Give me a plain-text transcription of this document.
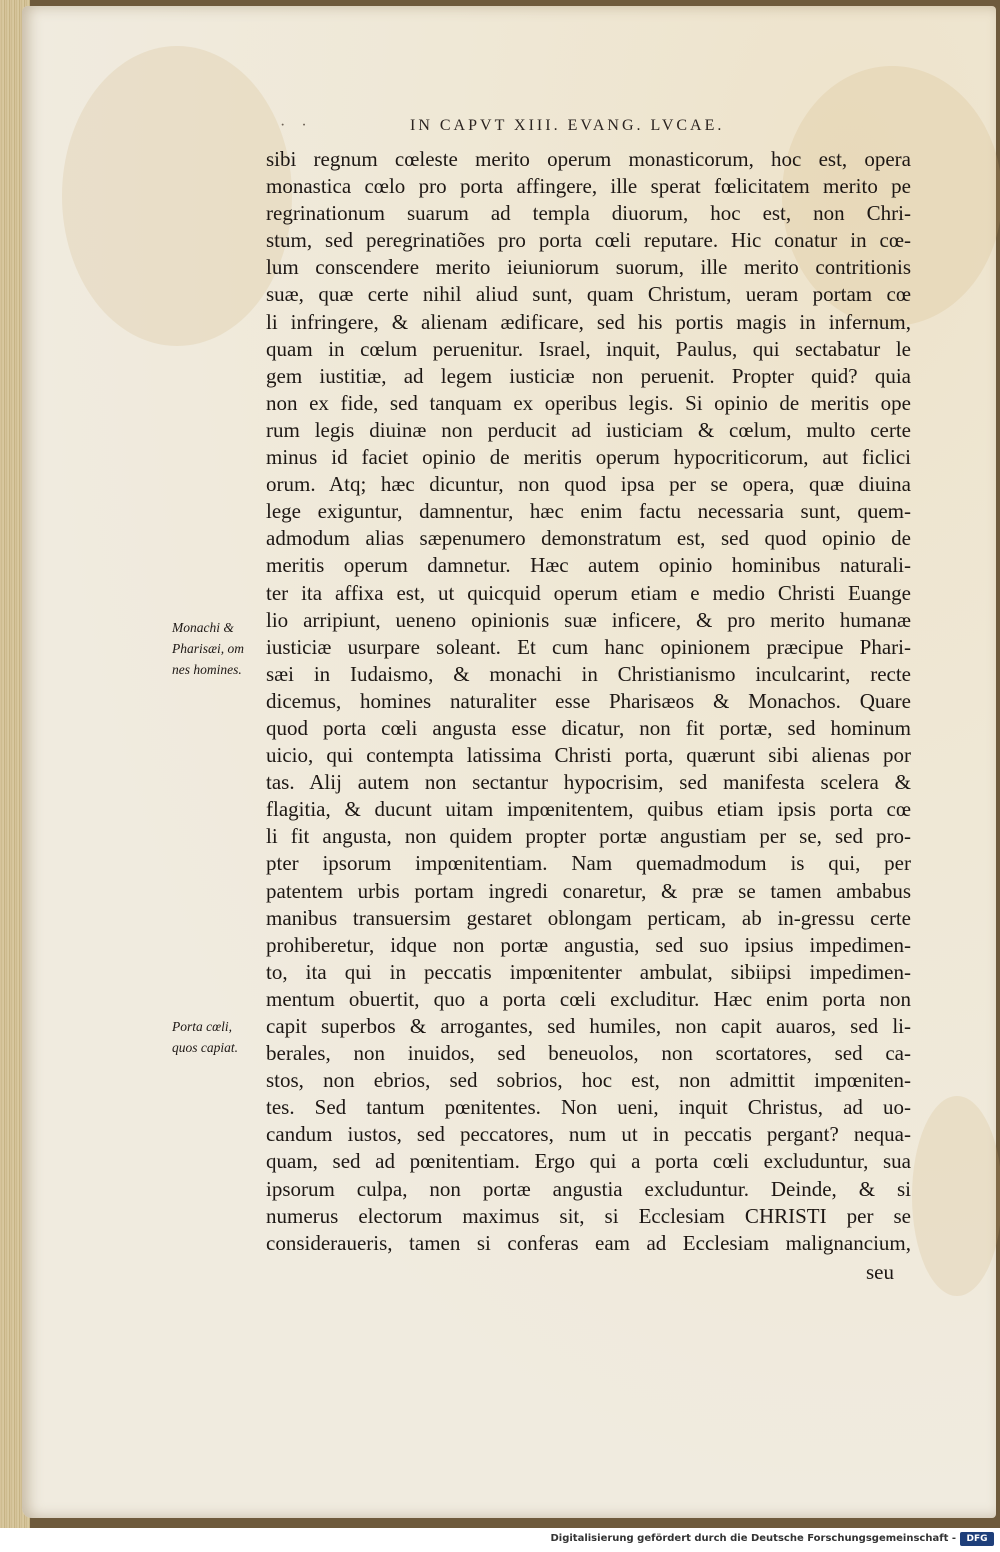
· ·	IN CAPVT XIII. EVANG. LVCAE.
sibi regnum cœleste merito operum monasticorum, hoc est, opera
monastica cœlo pro porta affingere, ille sperat fœlicitatem merito pe
regrinationum suarum ad templa diuorum, hoc est, non Chri-
stum, sed peregrinatiões pro porta cœli reputare. Hic conatur in cœ-
lum conscendere merito ieiuniorum suorum, ille merito contritionis
suæ, quæ certe nihil aliud sunt, quam Christum, ueram portam cœ
li infringere, & alienam ædificare, sed his portis magis in infernum,
quam in cœlum peruenitur. Israel, inquit, Paulus, qui sectabatur le
gem iustitiæ, ad legem iusticiæ non peruenit. Propter quid? quia
non ex fide, sed tanquam ex operibus legis. Si opinio de meritis ope
rum legis diuinæ non perducit ad iusticiam & cœlum, multo certe
minus id faciet opinio de meritis operum hypocriticorum, aut ficlici
orum. Atq; hæc dicuntur, non quod ipsa per se opera, quæ diuina
lege exiguntur, damnentur, hæc enim factu necessaria sunt, quem-
admodum alias sæpenumero demonstratum est, sed quod opinio de
meritis operum damnetur. Hæc autem opinio hominibus naturali-
ter ita affixa est, ut quicquid operum etiam e medio Christi Euange
lio arripiunt, ueneno opinionis suæ inficere, & pro merito humanæ
iusticiæ usurpare soleant. Et cum hanc opinionem præcipue Phari-
sæi in Iudaismo, & monachi in Christianismo inculcarint, recte
dicemus, homines naturaliter esse Pharisæos & Monachos. Quare
quod porta cœli angusta esse dicatur, non fit portæ, sed hominum
uicio, qui contempta latissima Christi porta, quærunt sibi alienas por
tas. Alij autem non sectantur hypocrisim, sed manifesta scelera &
flagitia, & ducunt uitam impœnitentem, quibus etiam ipsis porta cœ
li fit angusta, non quidem propter portæ angustiam per se, sed pro-
pter ipsorum impœnitentiam. Nam quemadmodum is qui, per
patentem urbis portam ingredi conaretur, & præ se tamen ambabus
manibus transuersim gestaret oblongam perticam, ab in-gressu certe
prohiberetur, idque non portæ angustia, sed suo ipsius impedimen-
to, ita qui in peccatis impœnitenter ambulat, sibiipsi impedimen-
mentum obuertit, quo a porta cœli excluditur. Hæc enim porta non
capit superbos & arrogantes, sed humiles, non capit auaros, sed li-
berales, non inuidos, sed beneuolos, non scortatores, sed ca-
stos, non ebrios, sed sobrios, hoc est, non admittit impœniten-
tes. Sed tantum pœnitentes. Non ueni, inquit Christus, ad uo-
candum iustos, sed peccatores, num ut in peccatis pergant? nequa-
quam, sed ad pœnitentiam. Ergo qui a porta cœli excluduntur, sua
ipsorum culpa, non portæ angustia excluduntur. Deinde, & si
numerus electorum maximus sit, si Ecclesiam CHRISTI per se
consideraueris, tamen si conferas eam ad Ecclesiam malignancium,
seu
Monachi &
Pharisæi, om
nes homines.
Porta cœli,
quos capiat.
Digitalisierung gefördert durch die Deutsche Forschungsgemeinschaft -	DFG
